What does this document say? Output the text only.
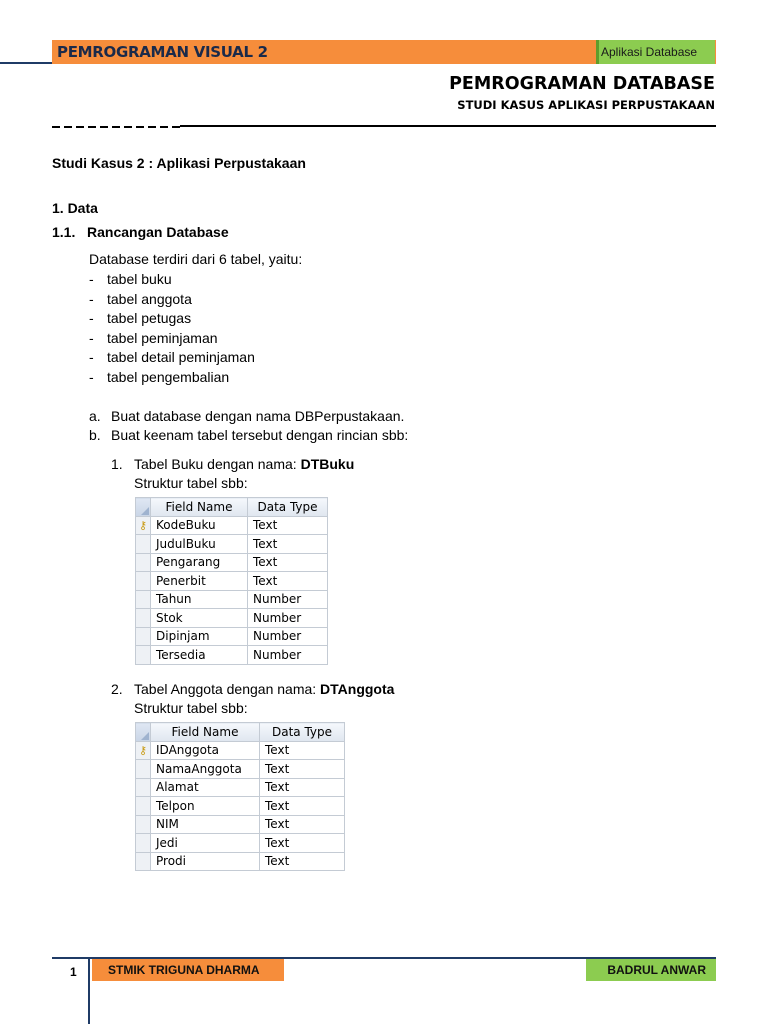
PEMROGRAMAN VISUAL 2	Aplikasi Database
PEMROGRAMAN DATABASE
STUDI KASUS APLIKASI PERPUSTAKAAN
Studi Kasus 2 : Aplikasi Perpustakaan
1. Data
1.1. Rancangan Database
Database terdiri dari 6 tabel, yaitu:
- tabel buku
- tabel anggota
- tabel petugas
- tabel peminjaman
- tabel detail peminjaman
- tabel pengembalian
a. Buat database dengan nama DBPerpustakaan.
b. Buat keenam tabel tersebut dengan rincian sbb:
1. Tabel Buku dengan nama: DTBuku
Struktur tabel sbb:
	Field Name	Data Type
⚷	KodeBuku	Text
	JudulBuku	Text
	Pengarang	Text
	Penerbit	Text
	Tahun	Number
	Stok	Number
	Dipinjam	Number
	Tersedia	Number
2. Tabel Anggota dengan nama: DTAnggota
Struktur tabel sbb:
	Field Name	Data Type
⚷	IDAnggota	Text
	NamaAnggota	Text
	Alamat	Text
	Telpon	Text
	NIM	Text
	Jedi	Text
	Prodi	Text
1	STMIK TRIGUNA DHARMA	BADRUL ANWAR
